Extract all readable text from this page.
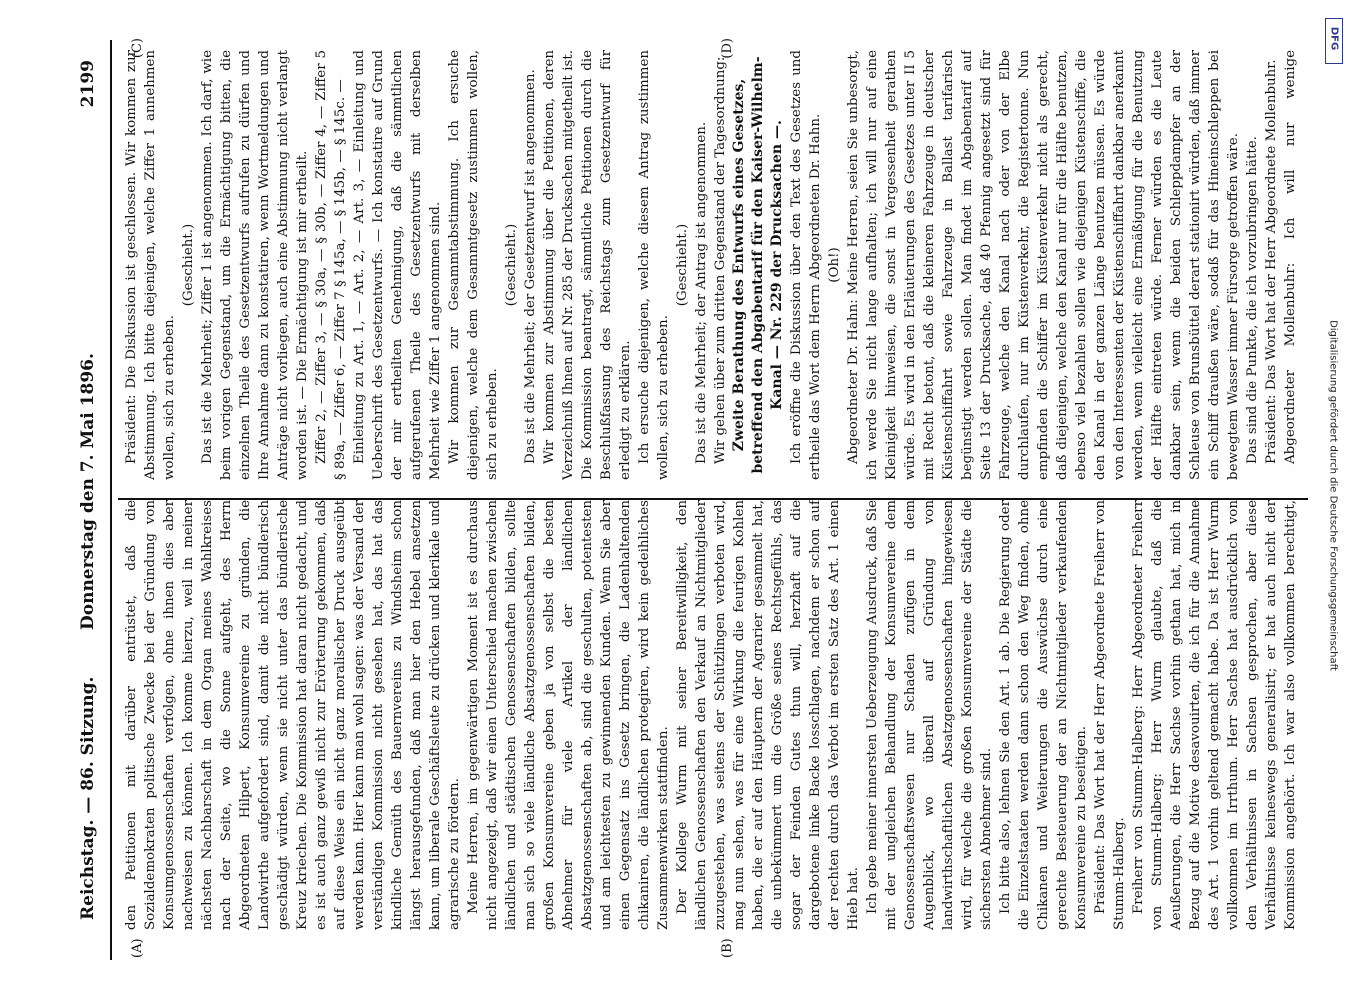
Reichstag. — 86. Sitzung.
Donnerstag den 7. Mai 1896.
2199
(A)	(B)
(C)	(D)

den Petitionen mit darüber entrüstet, daß die Sozialdemokraten politische Zwecke bei der Gründung von Konsumgenossenschaften verfolgen, ohne ihnen dies aber nachweisen zu können. Ich komme hierzu, weil in meiner nächsten Nachbarschaft in dem Organ meines Wahlkreises nach der Seite, wo die Sonne aufgeht, des Herrn Abgeordneten Hilpert, Konsumvereine zu gründen, die Landwirthe aufgefordert sind, damit die nicht bündlerisch geschädigt würden, wenn sie nicht unter das bündlerische Kreuz kriechen. Die Kommission hat daran nicht gedacht, und es ist auch ganz gewiß nicht zur Erörterung gekommen, daß auf diese Weise ein nicht ganz moralischer Druck ausgeübt werden kann. Hier kann man wohl sagen: was der Versand der verständigen Kommission nicht gesehen hat, das hat das kindliche Gemüth des Bauernvereins zu Windsheim schon längst herausgefunden, daß man hier den Hebel ansetzen kann, um liberale Geschäftsleute zu drücken und klerikale und agrarische zu fördern. Meine Herren, im gegenwärtigen Moment ist es durchaus nicht angezeigt, daß wir einen Unterschied machen zwischen ländlichen und städtischen Genossenschaften bilden, sollte man sich so viele ländliche Absatzgenossenschaften bilden, großen Konsumvereine geben ja von selbst die besten Abnehmer für viele Artikel der ländlichen Absatzgenossenschaften ab, sind die geschulten, potentesten und am leichtesten zu gewinnenden Kunden. Wenn Sie aber einen Gegensatz ins Gesetz bringen, die Ladenhaltenden chikaniren, die ländlichen protegiren, wird kein gedeihliches Zusammenwirken stattfinden. Der Kollege Wurm mit seiner Bereitwilligkeit, den ländlichen Genossenschaften den Verkauf an Nichtmitglieder zuzugestehen, was seitens der Schützlingen verboten wird, mag nun sehen, was für eine Wirkung die feurigen Kohlen haben, die er auf den Häuptern der Agrarier gesammelt hat, die unbekümmert um die Größe seines Rechtsgefühls, das sogar der Feinden Gutes thun will, herzhaft auf die dargebotene linke Backe losschlagen, nachdem er schon auf der rechten durch das Verbot im ersten Satz des Art. 1 einen Hieb hat. Ich gebe meiner innersten Ueberzeugung Ausdruck, daß Sie mit der ungleichen Behandlung der Konsumvereine dem Genossenschaftswesen nur Schaden zufügen in dem Augenblick, wo überall auf Gründung von landwirthschaftlichen Absatzgenossenschaften hingewiesen wird, für welche die großen Konsumvereine der Städte die sichersten Abnehmer sind. Ich bitte also, lehnen Sie den Art. 1 ab. Die Regierung oder die Einzelstaaten werden dann schon den Weg finden, ohne Chikanen und Weiterungen die Auswüchse durch eine gerechte Besteuerung der an Nichtmitglieder verkaufenden Konsumvereine zu beseitigen. Präsident: Das Wort hat der Herr Abgeordnete Freiherr von Stumm-Halberg. Freiherr von Stumm-Halberg: Herr Abgeordneter Freiherr von Stumm-Halberg: Herr Wurm glaubte, daß die Aeußerungen, die Herr Sachse vorhin gethan hat, mich in Bezug auf die Motive desavouirten, die ich für die Annahme des Art. 1 vorhin geltend gemacht habe. Da ist Herr Wurm vollkommen im Irrthum. Herr Sachse hat ausdrücklich von den Verhältnissen in Sachsen gesprochen, aber diese Verhältnisse keineswegs generalisirt; er hat auch nicht der Kommission angehört. Ich war also vollkommen berechtigt,

Präsident: Die Diskussion ist geschlossen. Wir kommen zur Abstimmung. Ich bitte diejenigen, welche Ziffer 1 annehmen wollen, sich zu erheben.

(Geschieht.) Das ist die Mehrheit; Ziffer 1 ist angenommen. Ich darf, wie beim vorigen Gegenstand, um die Ermächtigung bitten, die einzelnen Theile des Gesetzentwurfs aufrufen zu dürfen und Ihre Annahme dann zu konstatiren, wenn Wortmeldungen und Anträge nicht vorliegen, auch eine Abstimmung nicht verlangt worden ist. — Die Ermächtigung ist mir ertheilt. Ziffer 2, — Ziffer 3, — § 30a, — § 30b, — Ziffer 4, — Ziffer 5 § 89a, — Ziffer 6, — Ziffer 7 § 145a, — § 145b, — § 145c. — Einleitung zu Art. 1, — Art. 2, — Art. 3, — Einleitung und Ueberschrift des Gesetzentwurfs. — Ich konstatire auf Grund der mir ertheilten Genehmigung, daß die sämmtlichen aufgerufenen Theile des Gesetzentwurfs mit derselben Mehrheit wie Ziffer 1 angenommen sind. Wir kommen zur Gesammtabstimmung. Ich ersuche diejenigen, welche dem Gesammtgesetz zustimmen wollen, sich zu erheben.

(Geschieht.) Das ist die Mehrheit; der Gesetzentwurf ist angenommen. Wir kommen zur Abstimmung über die Petitionen, deren Verzeichniß Ihnen auf Nr. 285 der Drucksachen mitgetheilt ist. Die Kommission beantragt, sämmtliche Petitionen durch die Beschlußfassung des Reichstags zum Gesetzentwurf für erledigt zu erklären. Ich ersuche diejenigen, welche diesem Antrag zustimmen wollen, sich zu erheben.

(Geschieht.) Das ist die Mehrheit; der Antrag ist angenommen. Wir gehen über zum dritten Gegenstand der Tagesordnung: Zweite Berathung des Entwurfs eines Gesetzes, betreffend den Abgabentarif für den Kaiser-Wilhelm-Kanal — Nr. 229 der Drucksachen —. Ich eröffne die Diskussion über den Text des Gesetzes und ertheile das Wort dem Herrn Abgeordneten Dr. Hahn. (Oh!) Abgeordneter Dr. Hahn: Meine Herren, seien Sie unbesorgt, ich werde Sie nicht lange aufhalten; ich will nur auf eine Kleinigkeit hinweisen, die sonst in Vergessenheit gerathen würde. Es wird in den Erläuterungen des Gesetzes unter II 5 mit Recht betont, daß die kleineren Fahrzeuge in deutscher Küstenschiffahrt sowie Fahrzeuge in Ballast tarifarisch begünstigt werden sollen. Man findet im Abgabentarif auf Seite 13 der Drucksache, daß 40 Pfennig angesetzt sind für Fahrzeuge, welche den Kanal nach oder von der Elbe durchlaufen, nur im Küstenverkehr, die Registertonne. Nun empfinden die Schiffer im Küstenverkehr nicht als gerecht, daß diejenigen, welche den Kanal nur für die Hälfte benutzen, ebenso viel bezahlen sollen wie diejenigen Küstenschiffe, die den Kanal in der ganzen Länge benutzen müssen. Es würde von den Interessenten der Küstenschiffahrt dankbar anerkannt werden, wenn vielleicht eine Ermäßigung für die Benutzung der Hälfte eintreten würde. Ferner würden es die Leute dankbar sein, wenn die beiden Schleppdampfer an der Schleuse von Brunsbüttel derart stationirt würden, daß immer ein Schiff draußen wäre, sodaß für das Hineinschleppen bei bewegtem Wasser immer Fürsorge getroffen wäre. Das sind die Punkte, die ich vorzubringen hätte. Präsident: Das Wort hat der Herr Abgeordnete Mollenbuhr. Abgeordneter Mollenbuhr: Ich will nur wenige

DFG
Digitalisierung gefördert durch die Deutsche Forschungsgemeinschaft
